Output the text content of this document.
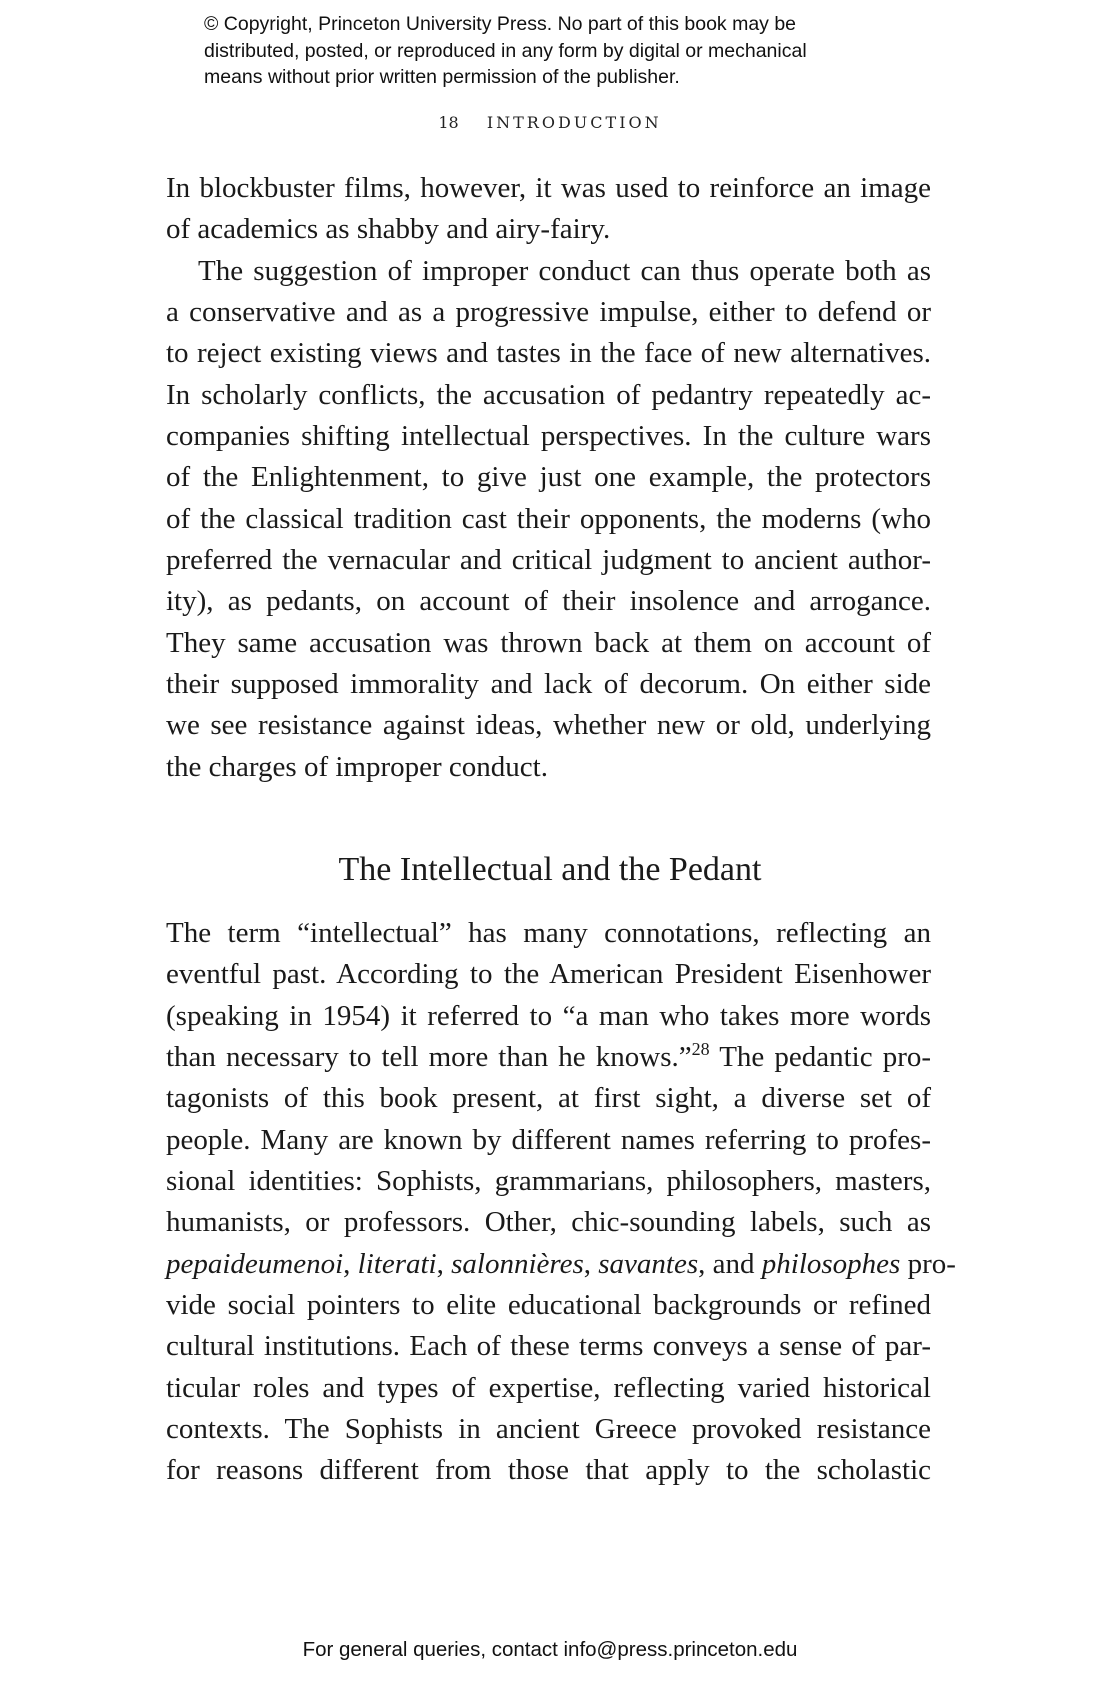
© Copyright, Princeton University Press. No part of this book may be
distributed, posted, or reproduced in any form by digital or mechanical
means without prior written permission of the publisher.
18 INTRODUCTION
In blockbuster films, however, it was used to reinforce an image
of academics as shabby and airy-fairy.
The suggestion of improper conduct can thus operate both as
a conservative and as a progressive impulse, either to defend or
to reject existing views and tastes in the face of new alternatives.
In scholarly conflicts, the accusation of pedantry repeatedly ac-
companies shifting intellectual perspectives. In the culture wars
of the Enlightenment, to give just one example, the protectors
of the classical tradition cast their opponents, the moderns (who
preferred the vernacular and critical judgment to ancient author-
ity), as pedants, on account of their insolence and arrogance.
They same accusation was thrown back at them on account of
their supposed immorality and lack of decorum. On either side
we see resistance against ideas, whether new or old, underlying
the charges of improper conduct.
The Intellectual and the Pedant
The term “intellectual” has many connotations, reflecting an
eventful past. According to the American President Eisenhower
(speaking in 1954) it referred to “a man who takes more words
than necessary to tell more than he knows.”$^{28}$ The pedantic pro-
tagonists of this book present, at first sight, a diverse set of
people. Many are known by different names referring to profes-
sional identities: Sophists, grammarians, philosophers, masters,
humanists, or professors. Other, chic-sounding labels, such as
pepaideumenoi, literati, salonnières, savantes, and philosophes pro-
vide social pointers to elite educational backgrounds or refined
cultural institutions. Each of these terms conveys a sense of par-
ticular roles and types of expertise, reflecting varied historical
contexts. The Sophists in ancient Greece provoked resistance
for reasons different from those that apply to the scholastic
For general queries, contact info@press.princeton.edu
